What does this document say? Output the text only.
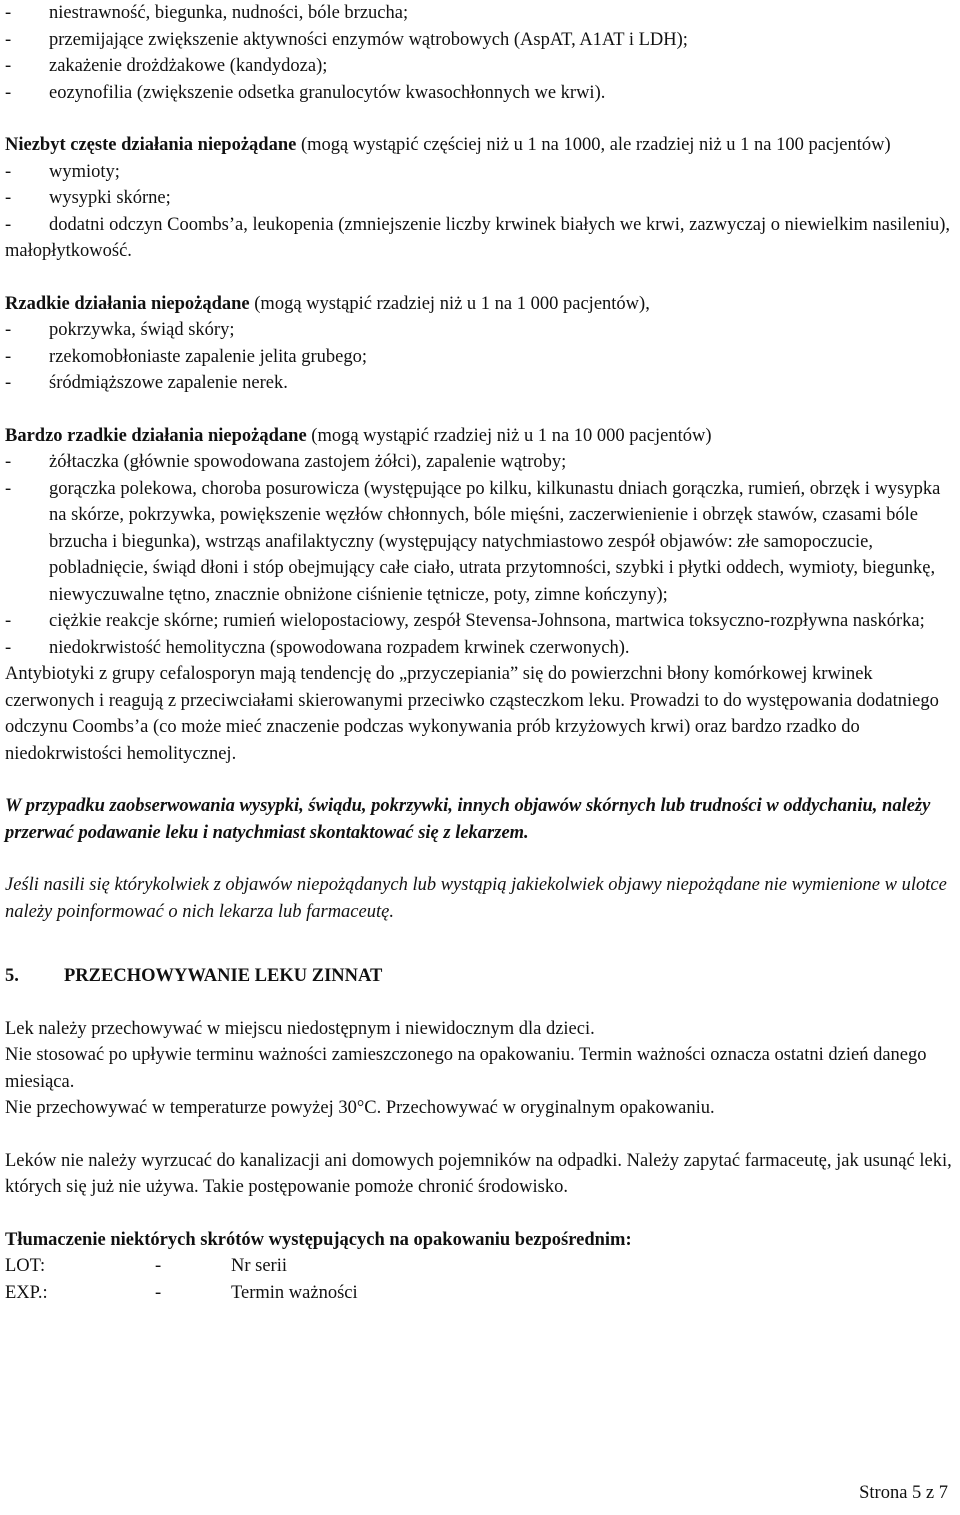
- niestrawność, biegunka, nudności, bóle brzucha;

- przemijające zwiększenie aktywności enzymów wątrobowych (AspAT, A1AT i LDH);

- zakażenie drożdżakowe (kandydoza);

- eozynofilia (zwiększenie odsetka granulocytów kwasochłonnych we krwi).

Niezbyt częste działania niepożądane (mogą wystąpić częściej niż u 1 na 1000, ale rzadziej niż u 1 na 100 pacjentów)

- wymioty;

- wysypki skórne;

- dodatni odczyn Coombs’a, leukopenia (zmniejszenie liczby krwinek białych we krwi, zazwyczaj o niewielkim nasileniu), małopłytkowość.

Rzadkie działania niepożądane (mogą wystąpić rzadziej niż u 1 na 1 000 pacjentów),

- pokrzywka, świąd skóry;

- rzekomobłoniaste zapalenie jelita grubego;

- śródmiąższowe zapalenie nerek.

Bardzo rzadkie działania niepożądane (mogą wystąpić rzadziej niż u 1 na 10 000 pacjentów)

- żółtaczka (głównie spowodowana zastojem żółci), zapalenie wątroby;

- gorączka polekowa, choroba posurowicza (występujące po kilku, kilkunastu dniach gorączka, rumień, obrzęk i wysypka na skórze, pokrzywka, powiększenie węzłów chłonnych, bóle mięśni, zaczerwienienie i obrzęk stawów, czasami bóle brzucha i biegunka), wstrząs anafilaktyczny (występujący natychmiastowo zespół objawów: złe samopoczucie, pobladnięcie, świąd dłoni i stóp obejmujący całe ciało, utrata przytomności, szybki i płytki oddech, wymioty, biegunkę, niewyczuwalne tętno, znacznie obniżone ciśnienie tętnicze, poty, zimne kończyny);

- ciężkie reakcje skórne; rumień wielopostaciowy, zespół Stevensa-Johnsona, martwica toksyczno-rozpływna naskórka;

- niedokrwistość hemolityczna (spowodowana rozpadem krwinek czerwonych).

Antybiotyki z grupy cefalosporyn mają tendencję do „przyczepiania” się do powierzchni błony komórkowej krwinek czerwonych i reagują z przeciwciałami skierowanymi przeciwko cząsteczkom leku. Prowadzi to do występowania dodatniego odczynu Coombs’a (co może mieć znaczenie podczas wykonywania prób krzyżowych krwi) oraz bardzo rzadko do niedokrwistości hemolitycznej.

W przypadku zaobserwowania wysypki, świądu, pokrzywki, innych objawów skórnych lub trudności w oddychaniu, należy przerwać podawanie leku i natychmiast skontaktować się z lekarzem.

Jeśli nasili się którykolwiek z objawów niepożądanych lub wystąpią jakiekolwiek objawy niepożądane nie wymienione w ulotce należy poinformować o nich lekarza lub farmaceutę.

5.	PRZECHOWYWANIE LEKU ZINNAT

Lek należy przechowywać w miejscu niedostępnym i niewidocznym dla dzieci.

Nie stosować po upływie terminu ważności zamieszczonego na opakowaniu. Termin ważności oznacza ostatni dzień danego miesiąca.

Nie przechowywać w temperaturze powyżej 30°C. Przechowywać w oryginalnym opakowaniu.

Leków nie należy wyrzucać do kanalizacji ani domowych pojemników na odpadki. Należy zapytać farmaceutę, jak usunąć leki, których się już nie używa. Takie postępowanie pomoże chronić środowisko.

Tłumaczenie niektórych skrótów występujących na opakowaniu bezpośrednim:

LOT:	-	Nr serii
EXP.:	-	Termin ważności
Strona 5 z 7
